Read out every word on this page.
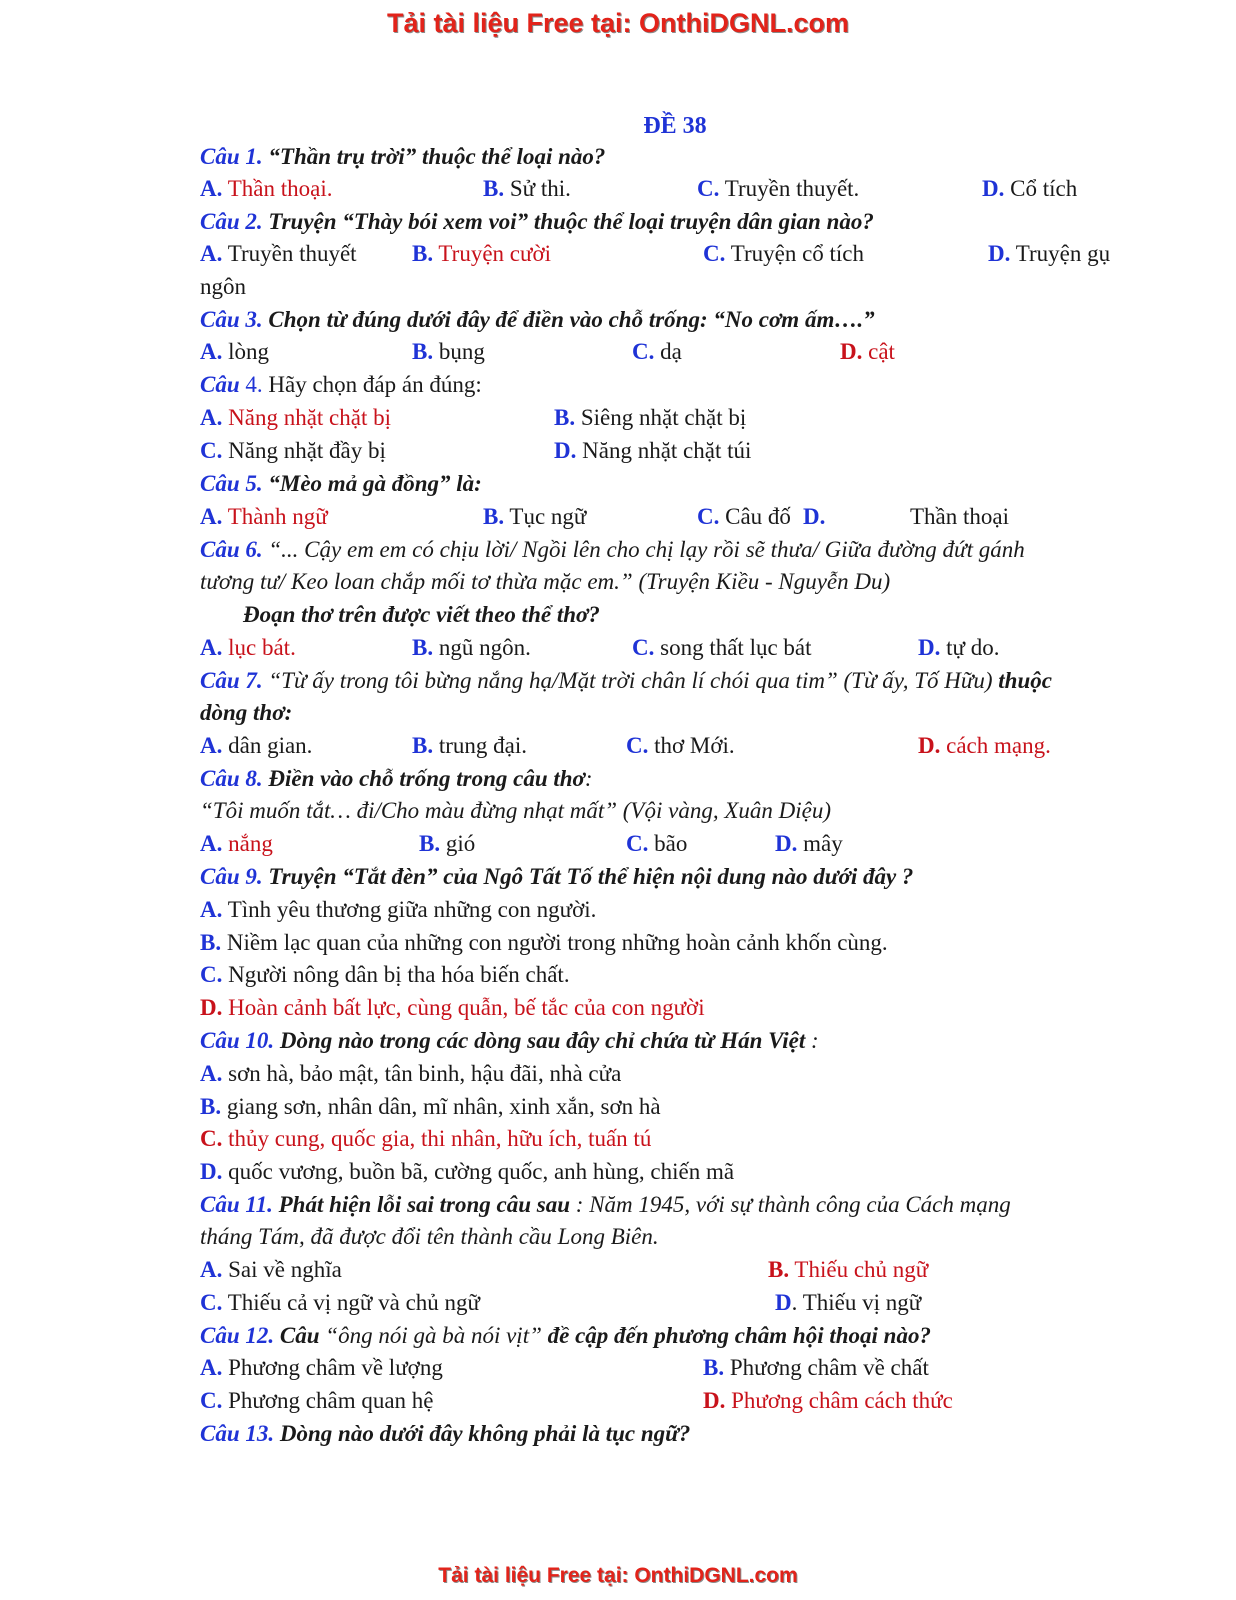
Tải tài liệu Free tại: OnthiDGNL.com
ĐỀ 38
Câu 1. “Thần trụ trời” thuộc thể loại nào?
A. Thần thoại.	B. Sử thi.	C. Truyền thuyết.	D. Cổ tích
Câu 2. Truyện “Thày bói xem voi” thuộc thể loại truyện dân gian nào?
A. Truyền thuyết B. Truyện cười	C. Truyện cổ tích	D. Truyện gụ
ngôn
Câu 3. Chọn từ đúng dưới đây để điền vào chỗ trống: “No cơm ấm….”
A. lòng	B. bụng	C. dạ	D. cật
Câu 4. Hãy chọn đáp án đúng:
A. Năng nhặt chặt bị	B. Siêng nhặt chặt bị
C. Năng nhặt đầy bị	D. Năng nhặt chặt túi
Câu 5. “Mèo mả gà đồng” là:
A. Thành ngữ	B. Tục ngữ	C. Câu đố D.	Thần thoại
Câu 6. “... Cậy em em có chịu lời/ Ngồi lên cho chị lạy rồi sẽ thưa/ Giữa đường đứt gánh
tương tư/ Keo loan chắp mối tơ thừa mặc em.” (Truyện Kiều - Nguyễn Du)
Đoạn thơ trên được viết theo thể thơ?
A. lục bát.	B. ngũ ngôn.	C. song thất lục bát	D. tự do.
Câu 7. “Từ ấy trong tôi bừng nắng hạ/Mặt trời chân lí chói qua tim” (Từ ấy, Tố Hữu) thuộc
dòng thơ:
A. dân gian.	B. trung đại.	C. thơ Mới.	D. cách mạng.
Câu 8. Điền vào chỗ trống trong câu thơ:
“Tôi muốn tắt… đi/Cho màu đừng nhạt mất” (Vội vàng, Xuân Diệu)
A. nắng	B. gió	C. bão	D. mây
Câu 9. Truyện “Tắt đèn” của Ngô Tất Tố thể hiện nội dung nào dưới đây ?
A. Tình yêu thương giữa những con người.
B. Niềm lạc quan của những con người trong những hoàn cảnh khốn cùng.
C. Người nông dân bị tha hóa biến chất.
D. Hoàn cảnh bất lực, cùng quẫn, bế tắc của con người
Câu 10. Dòng nào trong các dòng sau đây chỉ chứa từ Hán Việt :
A. sơn hà, bảo mật, tân binh, hậu đãi, nhà cửa
B. giang sơn, nhân dân, mĩ nhân, xinh xắn, sơn hà
C. thủy cung, quốc gia, thi nhân, hữu ích, tuấn tú
D. quốc vương, buồn bã, cường quốc, anh hùng, chiến mã
Câu 11. Phát hiện lỗi sai trong câu sau : Năm 1945, với sự thành công của Cách mạng
tháng Tám, đã được đổi tên thành cầu Long Biên.
A. Sai về nghĩa	B. Thiếu chủ ngữ
C. Thiếu cả vị ngữ và chủ ngữ	D. Thiếu vị ngữ
Câu 12. Câu “ông nói gà bà nói vịt” đề cập đến phương châm hội thoại nào?
A. Phương châm về lượng	B. Phương châm về chất
C. Phương châm quan hệ	D. Phương châm cách thức
Câu 13. Dòng nào dưới đây không phải là tục ngữ?
Tải tài liệu Free tại: OnthiDGNL.com
